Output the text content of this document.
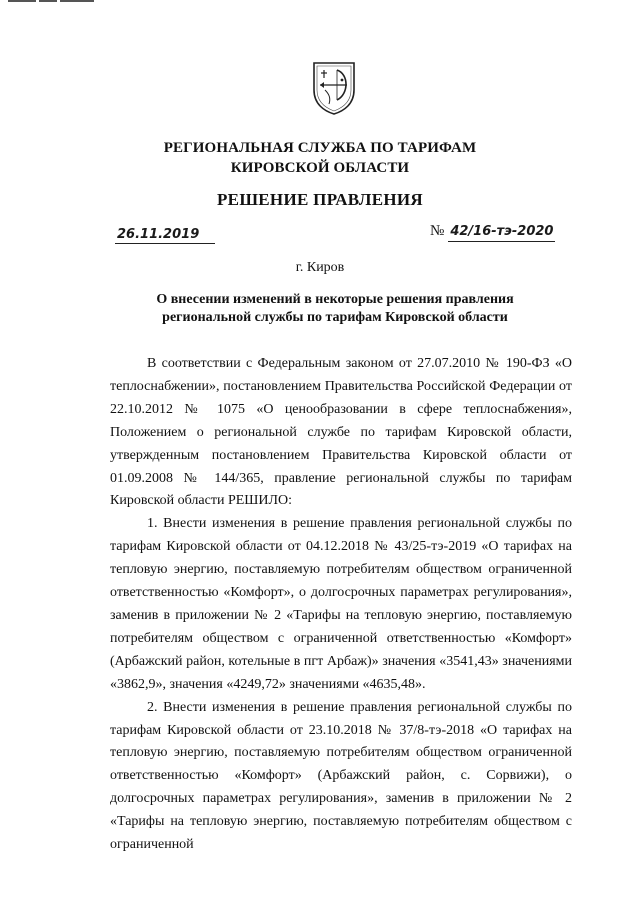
РЕГИОНАЛЬНАЯ СЛУЖБА ПО ТАРИФАМ
КИРОВСКОЙ ОБЛАСТИ
РЕШЕНИЕ ПРАВЛЕНИЯ
26.11.2019	№ 42/16-тэ-2020
г. Киров
О внесении изменений в некоторые решения правления
региональной службы по тарифам Кировской области

В соответствии с Федеральным законом от 27.07.2010 № 190-ФЗ «О теплоснабжении», постановлением Правительства Российской Федерации от 22.10.2012 № 1075 «О ценообразовании в сфере теплоснабжения», Положением о региональной службе по тарифам Кировской области, утвержденным постановлением Правительства Кировской области от 01.09.2008 № 144/365, правление региональной службы по тарифам Кировской области РЕШИЛО:

1. Внести изменения в решение правления региональной службы по тарифам Кировской области от 04.12.2018 № 43/25-тэ-2019 «О тарифах на тепловую энергию, поставляемую потребителям обществом ограниченной ответственностью «Комфорт», о долгосрочных параметрах регулирования», заменив в приложении № 2 «Тарифы на тепловую энергию, поставляемую потребителям обществом с ограниченной ответственностью «Комфорт» (Арбажский район, котельные в пгт Арбаж)» значения «3541,43» значениями «3862,9», значения «4249,72» значениями «4635,48».

2. Внести изменения в решение правления региональной службы по тарифам Кировской области от 23.10.2018 № 37/8-тэ-2018 «О тарифах на тепловую энергию, поставляемую потребителям обществом ограниченной ответственностью «Комфорт» (Арбажский район, с. Сорвижи), о долгосрочных параметрах регулирования», заменив в приложении № 2 «Тарифы на тепловую энергию, поставляемую потребителям обществом с ограниченной
